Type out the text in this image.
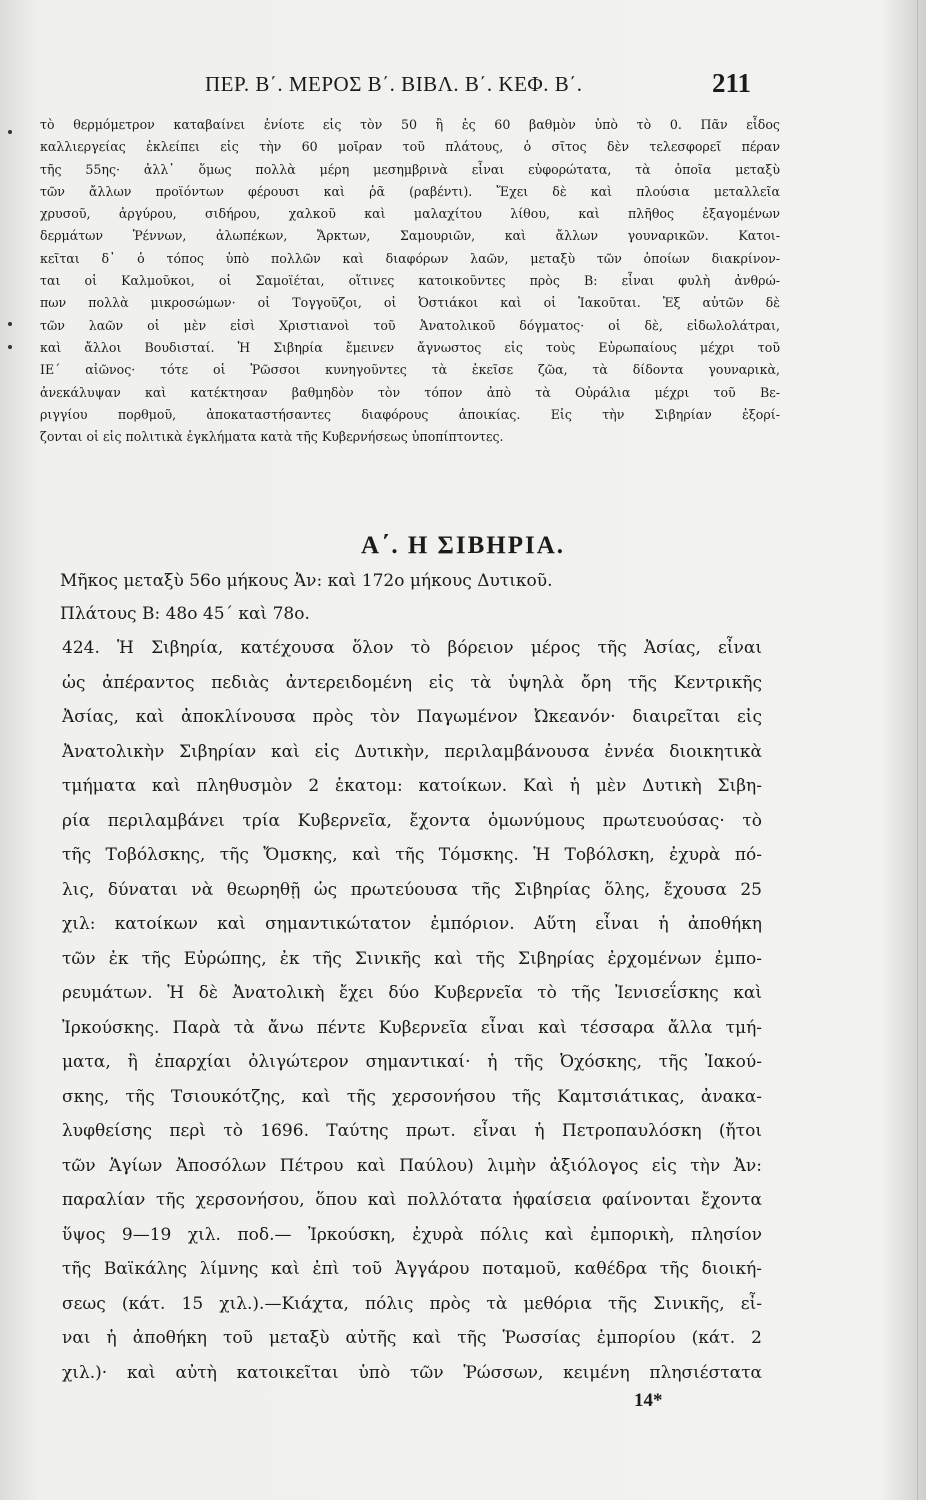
ΠΕΡ. Β΄. ΜΕΡΟΣ Β΄. ΒΙΒΛ. Β΄. ΚΕΦ. Β΄.	211
τὸ θερμόμετρον καταβαίνει ἐνίοτε εἰς τὸν 50 ἢ ἐς 60 βαθμὸν ὑπὸ τὸ 0. Πᾶν εἶδος
καλλιεργείας ἐκλείπει εἰς τὴν 60 μοῖραν τοῦ πλάτους, ὁ σῖτος δὲν τελεσφορεῖ πέραν
τῆς 55ης· ἀλλ᾽ ὅμως πολλὰ μέρη μεσημβρινὰ εἶναι εὐφορώτατα, τὰ ὁποῖα μεταξὺ
τῶν ἄλλων προϊόντων φέρουσι καὶ ῥᾶ (ραβέντι). Ἔχει δὲ καὶ πλούσια μεταλλεῖα
χρυσοῦ, ἀργύρου, σιδήρου, χαλκοῦ καὶ μαλαχίτου λίθου, καὶ πλῆθος ἐξαγομένων
δερμάτων Ῥέννων, ἀλωπέκων, Ἄρκτων, Σαμουριῶν, καὶ ἄλλων γουναρικῶν. Κατοι-
κεῖται δ᾽ ὁ τόπος ὑπὸ πολλῶν καὶ διαφόρων λαῶν, μεταξὺ τῶν ὁποίων διακρίνον-
ται οἱ Καλμοῦκοι, οἱ Σαμοϊέται, οἵτινες κατοικοῦντες πρὸς Β: εἶναι φυλὴ ἀνθρώ-
πων πολλὰ μικροσώμων· οἱ Τογγοῦζοι, οἱ Ὀστιάκοι καὶ οἱ Ἰακοῦται. Ἐξ αὐτῶν δὲ
τῶν λαῶν οἱ μὲν εἰσὶ Χριστιανοὶ τοῦ Ἀνατολικοῦ δόγματος· οἱ δὲ, εἰδωλολάτραι,
καὶ ἄλλοι Βουδισταί. Ἡ Σιβηρία ἔμεινεν ἄγνωστος εἰς τοὺς Εὐρωπαίους μέχρι τοῦ
ΙΕ΄ αἰῶνος· τότε οἱ Ῥῶσσοι κυνηγοῦντες τὰ ἐκεῖσε ζῶα, τὰ δίδοντα γουναρικὰ,
ἀνεκάλυψαν καὶ κατέκτησαν βαθμηδὸν τὸν τόπον ἀπὸ τὰ Οὐράλια μέχρι τοῦ Βε-
ριγγίου πορθμοῦ, ἀποκαταστήσαντες διαφόρους ἀποικίας. Εἰς τὴν Σιβηρίαν ἐξορί-
ζονται οἱ εἰς πολιτικὰ ἐγκλήματα κατὰ τῆς Κυβερνήσεως ὑποπίπτοντες.
Α΄. Η ΣΙΒΗΡΙΑ.
Μῆκος μεταξὺ 56ο μήκους Ἀν: καὶ 172ο μήκους Δυτικοῦ.
Πλάτους Β: 48ο 45΄ καὶ 78ο.
424. Ἡ Σιβηρία, κατέχουσα ὅλον τὸ βόρειον μέρος τῆς Ἀσίας, εἶναι
ὡς ἀπέραντος πεδιὰς ἀντερειδομένη εἰς τὰ ὑψηλὰ ὄρη τῆς Κεντρικῆς
Ἀσίας, καὶ ἀποκλίνουσα πρὸς τὸν Παγωμένον Ὠκεανόν· διαιρεῖται εἰς
Ἀνατολικὴν Σιβηρίαν καὶ εἰς Δυτικὴν, περιλαμβάνουσα ἐννέα διοικητικὰ
τμήματα καὶ πληθυσμὸν 2 ἑκατομ: κατοίκων. Καὶ ἡ μὲν Δυτικὴ Σιβη-
ρία περιλαμβάνει τρία Κυβερνεῖα, ἔχοντα ὁμωνύμους πρωτευούσας· τὸ
τῆς Τοβόλσκης, τῆς Ὄμσκης, καὶ τῆς Τόμσκης. Ἡ Τοβόλσκη, ἐχυρὰ πό-
λις, δύναται νὰ θεωρηθῇ ὡς πρωτεύουσα τῆς Σιβηρίας ὅλης, ἔχουσα 25
χιλ: κατοίκων καὶ σημαντικώτατον ἐμπόριον. Αὕτη εἶναι ἡ ἀποθήκη
τῶν ἐκ τῆς Εὐρώπης, ἐκ τῆς Σινικῆς καὶ τῆς Σιβηρίας ἐρχομένων ἐμπο-
ρευμάτων. Ἡ δὲ Ἀνατολικὴ ἔχει δύο Κυβερνεῖα τὸ τῆς Ἰενισεΐσκης καὶ
Ἰρκούσκης. Παρὰ τὰ ἄνω πέντε Κυβερνεῖα εἶναι καὶ τέσσαρα ἄλλα τμή-
ματα, ἢ ἐπαρχίαι ὀλιγώτερον σημαντικαί· ἡ τῆς Ὀχόσκης, τῆς Ἰακού-
σκης, τῆς Τσιουκότζης, καὶ τῆς χερσονήσου τῆς Καμτσιάτικας, ἀνακα-
λυφθείσης περὶ τὸ 1696. Ταύτης πρωτ. εἶναι ἡ Πετροπαυλόσκη (ἤτοι
τῶν Ἁγίων Ἀποσόλων Πέτρου καὶ Παύλου) λιμὴν ἀξιόλογος εἰς τὴν Ἀν:
παραλίαν τῆς χερσονήσου, ὅπου καὶ πολλότατα ἡφαίσεια φαίνονται ἔχοντα
ὕψος 9—19 χιλ. ποδ.— Ἰρκούσκη, ἐχυρὰ πόλις καὶ ἐμπορικὴ, πλησίον
τῆς Βαϊκάλης λίμνης καὶ ἐπὶ τοῦ Ἀγγάρου ποταμοῦ, καθέδρα τῆς διοική-
σεως (κάτ. 15 χιλ.).—Κιάχτα, πόλις πρὸς τὰ μεθόρια τῆς Σινικῆς, εἶ-
ναι ἡ ἀποθήκη τοῦ μεταξὺ αὐτῆς καὶ τῆς Ῥωσσίας ἐμπορίου (κάτ. 2
χιλ.)· καὶ αὐτὴ κατοικεῖται ὑπὸ τῶν Ῥώσσων, κειμένη πλησιέστατα
14*
